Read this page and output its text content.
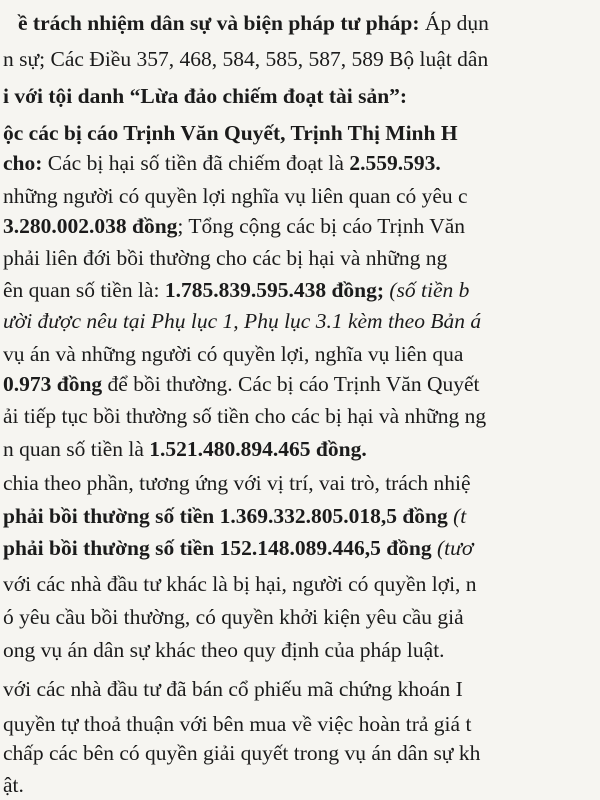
ề trách nhiệm dân sự và biện pháp tư pháp: Áp dụn
n sự; Các Điều 357, 468, 584, 585, 587, 589 Bộ luật dân
i với tội danh “Lừa đảo chiếm đoạt tài sản”:
ộc các bị cáo Trịnh Văn Quyết, Trịnh Thị Minh H
cho: Các bị hại số tiền đã chiếm đoạt là 2.559.593.
những người có quyền lợi nghĩa vụ liên quan có yêu c
3.280.002.038 đồng; Tổng cộng các bị cáo Trịnh Văn
phải liên đới bồi thường cho các bị hại và những ng
ên quan số tiền là: 1.785.839.595.438 đồng; (số tiền b
ười được nêu tại Phụ lục 1, Phụ lục 3.1 kèm theo Bản á
vụ án và những người có quyền lợi, nghĩa vụ liên qua
0.973 đồng để bồi thường. Các bị cáo Trịnh Văn Quyết
ải tiếp tục bồi thường số tiền cho các bị hại và những ng
n quan số tiền là 1.521.480.894.465 đồng.
chia theo phần, tương ứng với vị trí, vai trò, trách nhiệ
phải bồi thường số tiền 1.369.332.805.018,5 đồng (t
phải bồi thường số tiền 152.148.089.446,5 đồng (tươ
với các nhà đầu tư khác là bị hại, người có quyền lợi, n
ó yêu cầu bồi thường, có quyền khởi kiện yêu cầu giả
ong vụ án dân sự khác theo quy định của pháp luật.
với các nhà đầu tư đã bán cổ phiếu mã chứng khoán I
quyền tự thoả thuận với bên mua về việc hoàn trả giá t
chấp các bên có quyền giải quyết trong vụ án dân sự kh
ật.
